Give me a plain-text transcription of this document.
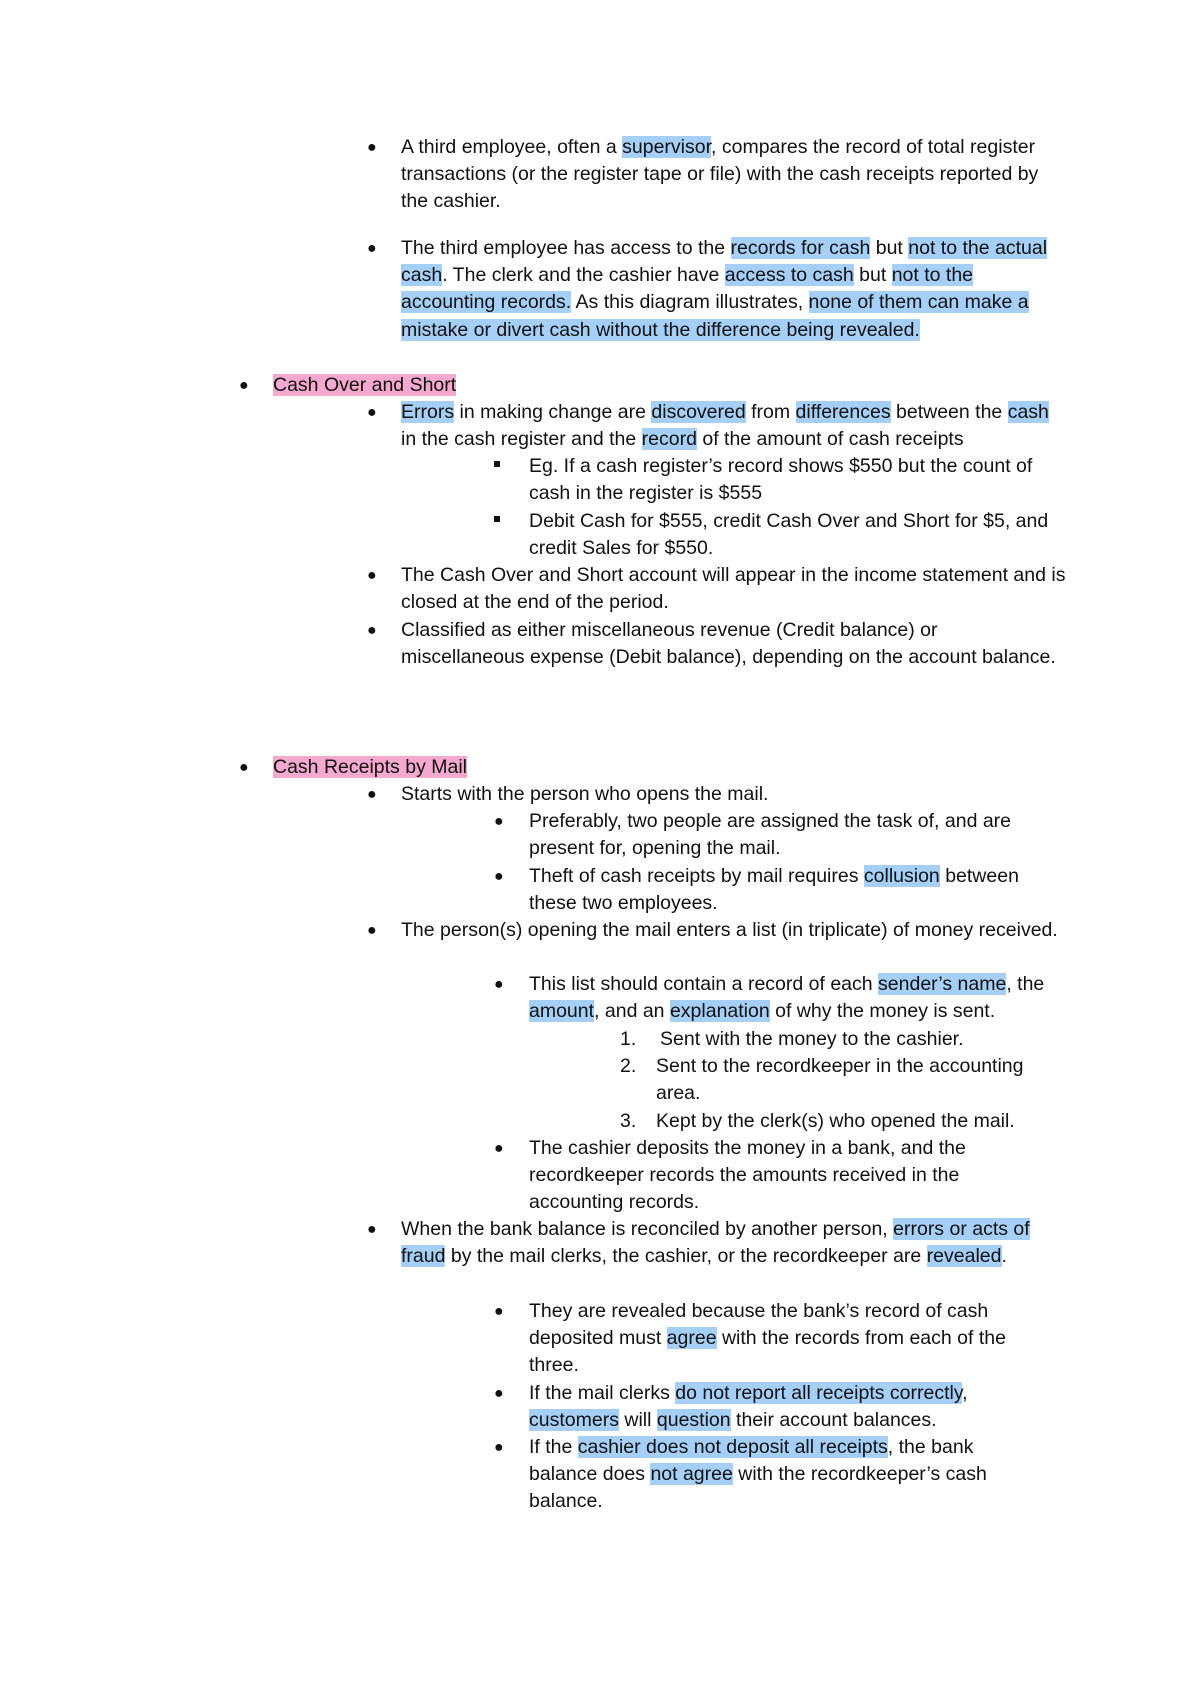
● A third employee, often a supervisor, compares the record of total register transactions (or the register tape or file) with the cash receipts reported by the cashier.
● The third employee has access to the records for cash but not to the actual cash. The clerk and the cashier have access to cash but not to the accounting records. As this diagram illustrates, none of them can make a mistake or divert cash without the difference being revealed.
● Cash Over and Short
● Errors in making change are discovered from differences between the cash in the cash register and the record of the amount of cash receipts
Eg. If a cash register’s record shows $550 but the count of cash in the register is $555
Debit Cash for $555, credit Cash Over and Short for $5, and credit Sales for $550.
● The Cash Over and Short account will appear in the income statement and is closed at the end of the period.
● Classified as either miscellaneous revenue (Credit balance) or miscellaneous expense (Debit balance), depending on the account balance.
● Cash Receipts by Mail
● Starts with the person who opens the mail.
● Preferably, two people are assigned the task of, and are present for, opening the mail.
● Theft of cash receipts by mail requires collusion between these two employees.
● The person(s) opening the mail enters a list (in triplicate) of money received.
● This list should contain a record of each sender’s name, the amount, and an explanation of why the money is sent.
1. Sent with the money to the cashier.
2. Sent to the recordkeeper in the accounting area.
3. Kept by the clerk(s) who opened the mail.
● The cashier deposits the money in a bank, and the recordkeeper records the amounts received in the accounting records.
● When the bank balance is reconciled by another person, errors or acts of fraud by the mail clerks, the cashier, or the recordkeeper are revealed.
● They are revealed because the bank’s record of cash deposited must agree with the records from each of the three.
● If the mail clerks do not report all receipts correctly, customers will question their account balances.
● If the cashier does not deposit all receipts, the bank balance does not agree with the recordkeeper’s cash balance.
